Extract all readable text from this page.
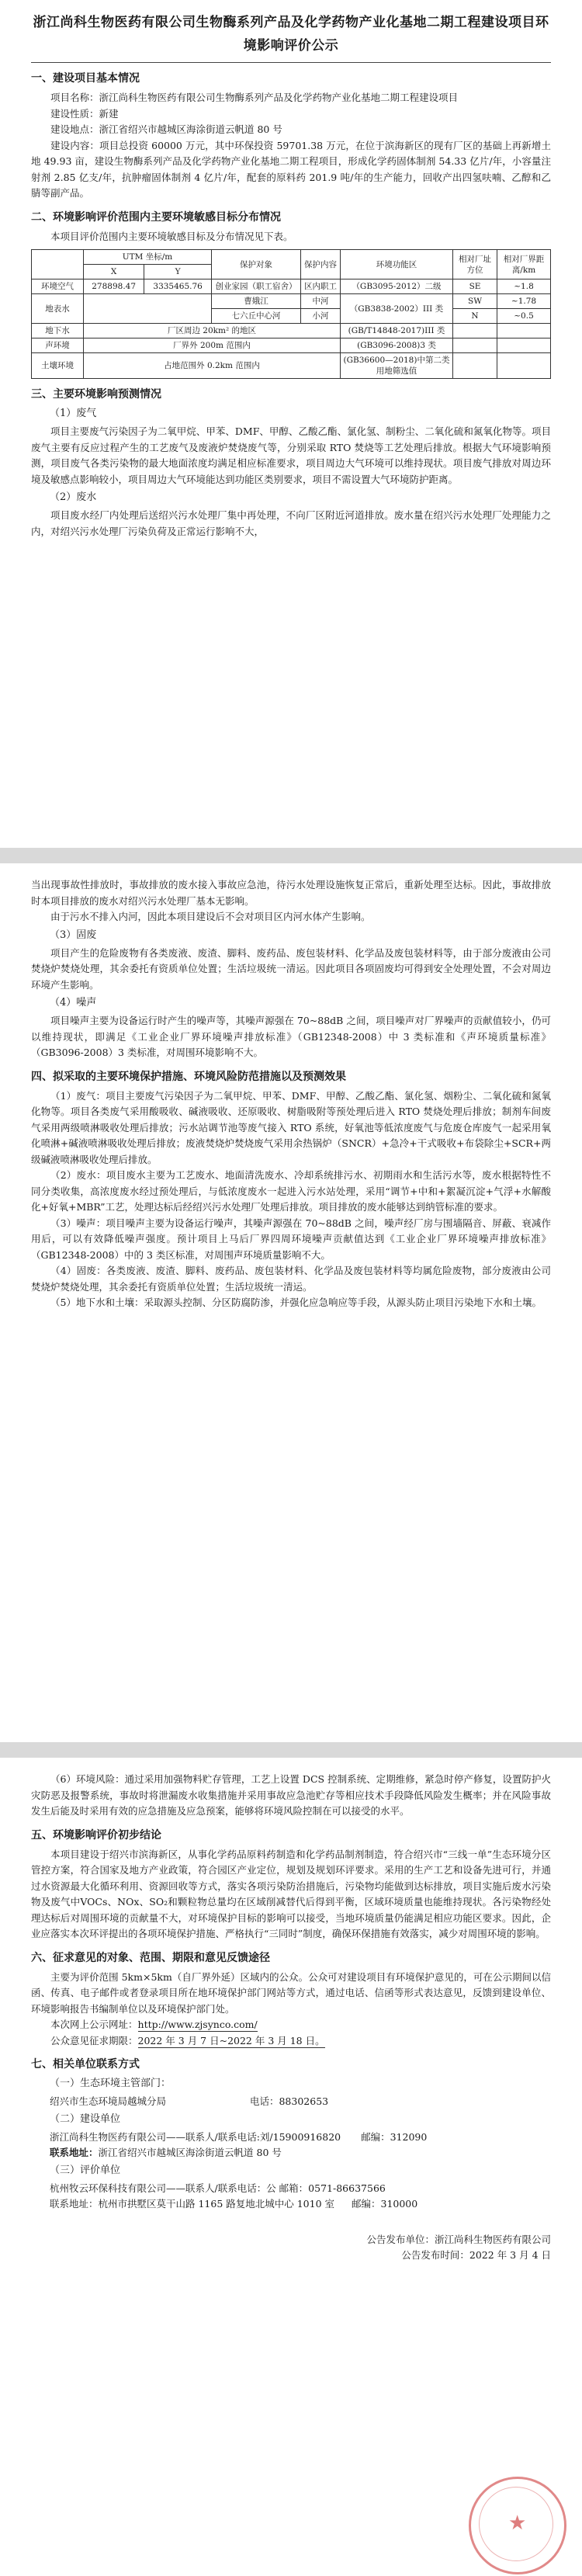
浙江尚科生物医药有限公司生物酶系列产品及化学药物产业化基地二期工程建设项目环境影响评价公示
一、建设项目基本情况

项目名称：浙江尚科生物医药有限公司生物酶系列产品及化学药物产业化基地二期工程建设项目

建设性质：新建

建设地点：浙江省绍兴市越城区海涂街道云帆道 80 号

建设内容：项目总投资 60000 万元，其中环保投资 59701.38 万元，在位于滨海新区的现有厂区的基础上再新增土地 49.93 亩，建设生物酶系列产品及化学药物产业化基地二期工程项目，形成化学药固体制剂 54.33 亿片/年，小容量注射剂 2.85 亿支/年，抗肿瘤固体制剂 4 亿片/年，配套的原料药 201.9 吨/年的生产能力，回收产出四氢呋喃、乙醇和乙腈等副产品。

二、环境影响评价范围内主要环境敏感目标分布情况

本项目评价范围内主要环境敏感目标及分布情况见下表。

	UTM 坐标/m		保护对象	保护内容	环境功能区	相对厂址方位	相对厂界距离/km
	X	Y					
环境空气	278898.47	3335465.76	创业家园（职工宿舍）	区内职工	（GB3095-2012）二级	SE	~1.8
地表水			曹娥江	中河	（GB3838-2002）III 类	SW	~1.78
			七六丘中心河	小河		N	~0.5
地下水	厂区周边 20km² 的地区				(GB/T14848-2017)III 类		
声环境	厂界外 200m 范围内				(GB3096-2008)3 类		
土壤环境	占地范围外 0.2km 范围内				(GB36600—2018)中第二类用地筛选值		
三、主要环境影响预测情况
（1）废气

项目主要废气污染因子为二氧甲烷、甲苯、DMF、甲醇、乙酸乙酯、氯化氢、制粉尘、二氧化硫和氮氧化物等。项目废气主要有反应过程产生的工艺废气及废液炉焚烧废气等，分别采取 RTO 焚烧等工艺处理后排放。根据大气环境影响预测，项目废气各类污染物的最大地面浓度均满足相应标准要求，项目周边大气环境可以维持现状。项目废气排放对周边环境及敏感点影响较小，项目周边大气环境能达到功能区类别要求，项目不需设置大气环境防护距离。

（2）废水

项目废水经厂内处理后送绍兴污水处理厂集中再处理，不向厂区附近河道排放。废水量在绍兴污水处理厂处理能力之内，对绍兴污水处理厂污染负荷及正常运行影响不大，

当出现事故性排放时，事故排放的废水接入事故应急池，待污水处理设施恢复正常后，重新处理至达标。因此，事故排放时本项目排放的废水对绍兴污水处理厂基本无影响。

由于污水不排入内河，因此本项目建设后不会对项目区内河水体产生影响。

（3）固废

项目产生的危险废物有各类废液、废渣、脚料、废药品、废包装材料、化学品及废包装材料等，由于部分废液由公司焚烧炉焚烧处理，其余委托有资质单位处置；生活垃圾统一清运。因此项目各项固废均可得到安全处理处置，不会对周边环境产生影响。

（4）噪声

项目噪声主要为设备运行时产生的噪声等，其噪声源强在 70~88dB 之间，项目噪声对厂界噪声的贡献值较小，仍可以维持现状，即满足《工业企业厂界环境噪声排放标准》（GB12348-2008）中 3 类标准和《声环境质量标准》（GB3096-2008）3 类标准，对周围环境影响不大。

四、拟采取的主要环境保护措施、环境风险防范措施以及预测效果

（1）废气：项目主要废气污染因子为二氧甲烷、甲苯、DMF、甲醇、乙酸乙酯、氯化氢、烟粉尘、二氧化硫和氮氧化物等。项目各类废气采用酸吸收、碱液吸收、还原吸收、树脂吸附等预处理后进入 RTO 焚烧处理后排放；制剂车间废气采用两级喷淋吸收处理后排放；污水站调节池等废气接入 RTO 系统，好氧池等低浓度废气与危废仓库废气一起采用氧化喷淋+碱液喷淋吸收处理后排放；废液焚烧炉焚烧废气采用余热锅炉（SNCR）+急冷+干式吸收+布袋除尘+SCR+两级碱液喷淋吸收处理后排放。

（2）废水：项目废水主要为工艺废水、地面清洗废水、冷却系统排污水、初期雨水和生活污水等，废水根据特性不同分类收集，高浓度废水经过预处理后，与低浓度废水一起进入污水站处理，采用“调节+中和+絮凝沉淀+气浮+水解酸化+好氧+MBR”工艺，处理达标后经绍兴污水处理厂处理后排放。项目排放的废水能够达到纳管标准的要求。

（3）噪声：项目噪声主要为设备运行噪声，其噪声源强在 70~88dB 之间，噪声经厂房与围墙隔音、屏蔽、衰减作用后，可以有效降低噪声强度。预计项目上马后厂界四周环境噪声贡献值达到《工业企业厂界环境噪声排放标准》（GB12348-2008）中的 3 类区标准，对周围声环境质量影响不大。

（4）固废：各类废液、废渣、脚料、废药品、废包装材料、化学品及废包装材料等均属危险废物，部分废液由公司焚烧炉焚烧处理，其余委托有资质单位处置；生活垃圾统一清运。

（5）地下水和土壤：采取源头控制、分区防腐防渗，并强化应急响应等手段，从源头防止项目污染地下水和土壤。

（6）环境风险：通过采用加强物料贮存管理，工艺上设置 DCS 控制系统、定期维修，紧急时停产修复，设置防护火灾防恶及报警系统，事故时将泄漏废水收集措施并采用事故应急池贮存等相应技术手段降低风险发生概率；并在风险事故发生后能及时采用有效的应急措施及应急预案，能够将环境风险控制在可以接受的水平。

五、环境影响评价初步结论

本项目建设于绍兴市滨海新区，从事化学药品原料药制造和化学药品制剂制造，符合绍兴市“三线一单”生态环境分区管控方案，符合国家及地方产业政策，符合园区产业定位，规划及规划环评要求。采用的生产工艺和设备先进可行，并通过水资源最大化循环利用、资源回收等方式，落实各项污染防治措施后，污染物均能做到达标排放，项目实施后废水污染物及废气中VOCs、NOx、SO₂和颗粒物总量均在区域削减替代后得到平衡，区域环境质量也能维持现状。各污染物经处理达标后对周围环境的贡献量不大，对环境保护目标的影响可以接受，当地环境质量仍能满足相应功能区要求。因此，企业应落实本次环评提出的各项环境保护措施、严格执行“三同时”制度，确保环保措施有效落实，减少对周围环境的影响。

六、征求意见的对象、范围、期限和意见反馈途径

主要为评价范围 5km×5km（自厂界外延）区域内的公众。公众可对建设项目有环境保护意见的，可在公示期间以信函、传真、电子邮件或者登录项目所在地环境保护部门网站等方式，通过电话、信函等形式表达意见，反馈到建设单位、环境影响报告书编制单位以及环境保护部门处。

本次网上公示网址：http://www.zjsynco.com/

公众意见征求期限：2022 年 3 月 7 日~2022 年 3 月 18 日。

七、相关单位联系方式
（一）生态环境主管部门：

绍兴市生态环境局越城分局	电话：88302653

（二）建设单位

浙江尚科生物医药有限公司——联系人/联系电话:刘/15900916820 邮编：312090

联系地址：浙江省绍兴市越城区海涂街道云帆道 80 号

（三）评价单位

杭州牧云环保科技有限公司——联系人/联系电话：公 邮箱：0571-86637566

联系地址：杭州市拱墅区莫干山路 1165 路复地北城中心 1010 室 邮编：310000

公告发布单位：浙江尚科生物医药有限公司

公告发布时间：2022 年 3 月 4 日

★
